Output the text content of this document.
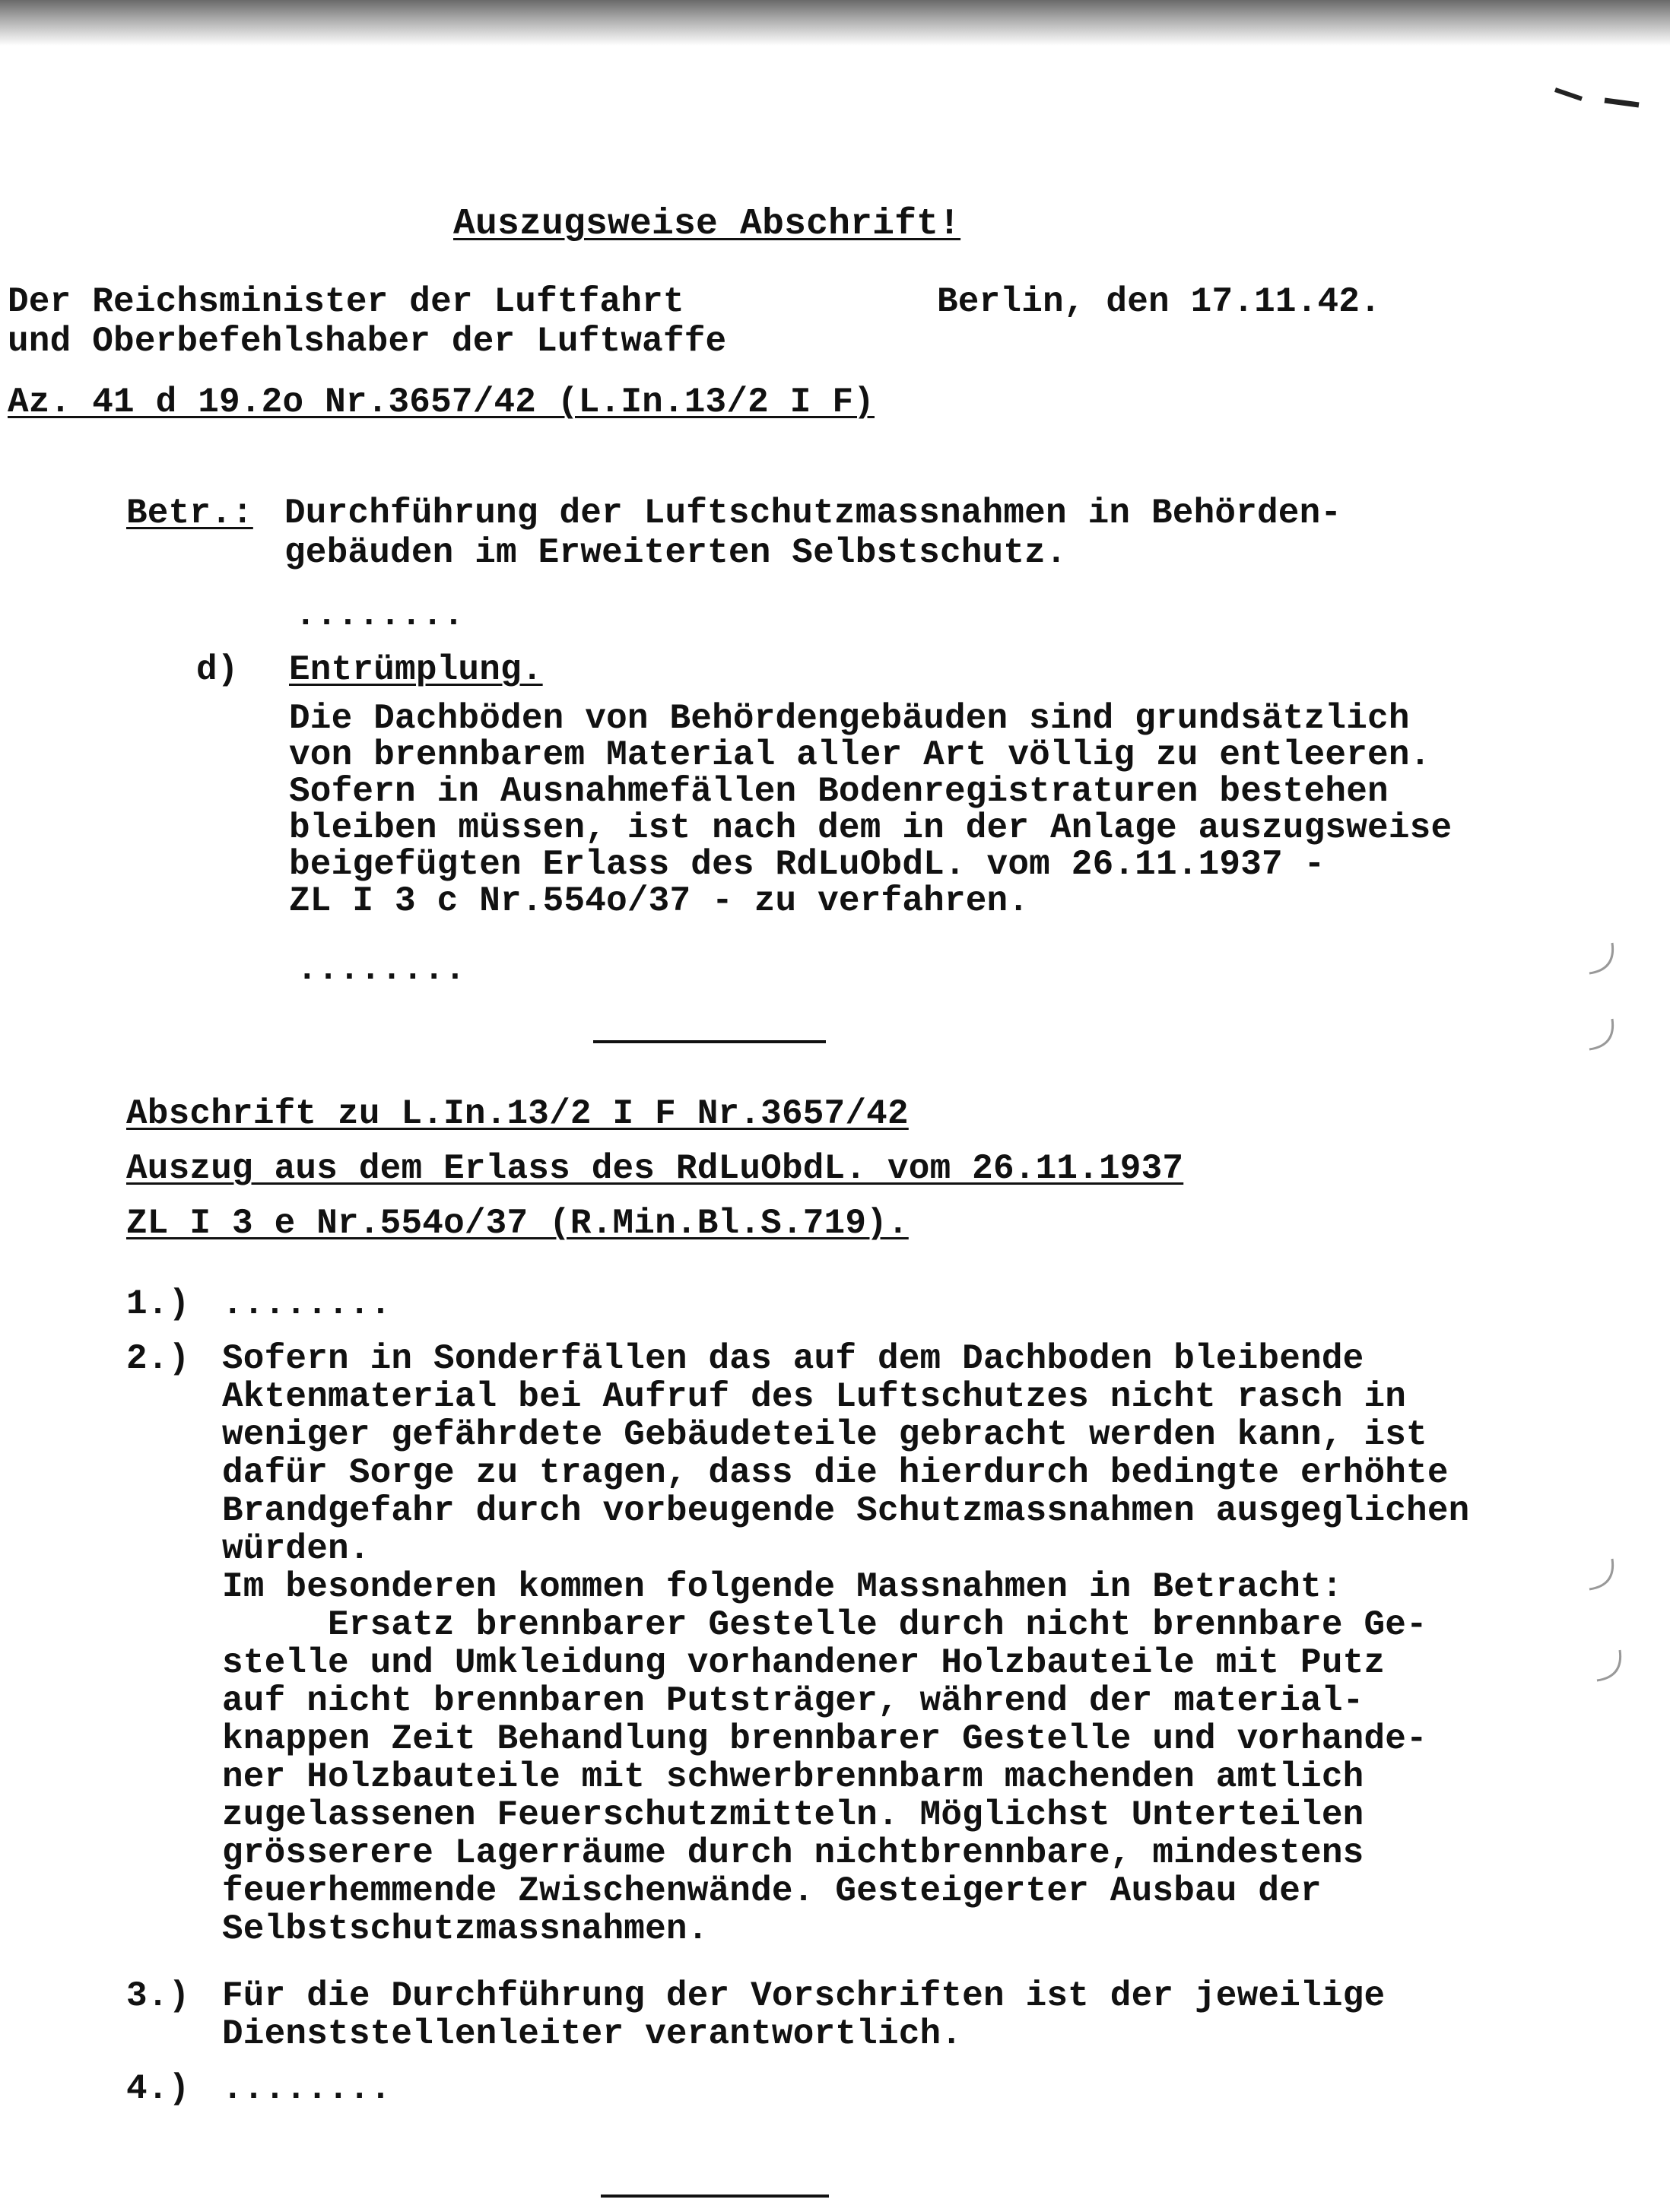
Auszugsweise Abschrift!
Der Reichsminister der Luftfahrt	Berlin, den 17.11.42.
und Oberbefehlshaber der Luftwaffe
Az. 41 d 19.2o Nr.3657/42 (L.In.13/2 I F)
Betr.: Durchführung der Luftschutzmassnahmen in Behörden-
gebäuden im Erweiterten Selbstschutz.
........
d) Entrümplung.
Die Dachböden von Behördengebäuden sind grundsätzlich
von brennbarem Material aller Art völlig zu entleeren.
Sofern in Ausnahmefällen Bodenregistraturen bestehen
bleiben müssen, ist nach dem in der Anlage auszugsweise
beigefügten Erlass des RdLuObdL. vom 26.11.1937 -
ZL I 3 c Nr.554o/37 - zu verfahren.
........
Abschrift zu L.In.13/2 I F Nr.3657/42
Auszug aus dem Erlass des RdLuObdL. vom 26.11.1937
ZL I 3 e Nr.554o/37 (R.Min.Bl.S.719).
1.) ........
2.) Sofern in Sonderfällen das auf dem Dachboden bleibende
Aktenmaterial bei Aufruf des Luftschutzes nicht rasch in
weniger gefährdete Gebäudeteile gebracht werden kann, ist
dafür Sorge zu tragen, dass die hierdurch bedingte erhöhte
Brandgefahr durch vorbeugende Schutzmassnahmen ausgeglichen
würden.
Im besonderen kommen folgende Massnahmen in Betracht:
Ersatz brennbarer Gestelle durch nicht brennbare Ge-
stelle und Umkleidung vorhandener Holzbauteile mit Putz
auf nicht brennbaren Putsträger, während der material-
knappen Zeit Behandlung brennbarer Gestelle und vorhande-
ner Holzbauteile mit schwerbrennbarm machenden amtlich
zugelassenen Feuerschutzmitteln. Möglichst Unterteilen
grösserere Lagerräume durch nichtbrennbare, mindestens
feuerhemmende Zwischenwände. Gesteigerter Ausbau der
Selbstschutzmassnahmen.
3.) Für die Durchführung der Vorschriften ist der jeweilige
Dienststellenleiter verantwortlich.
4.) ........
